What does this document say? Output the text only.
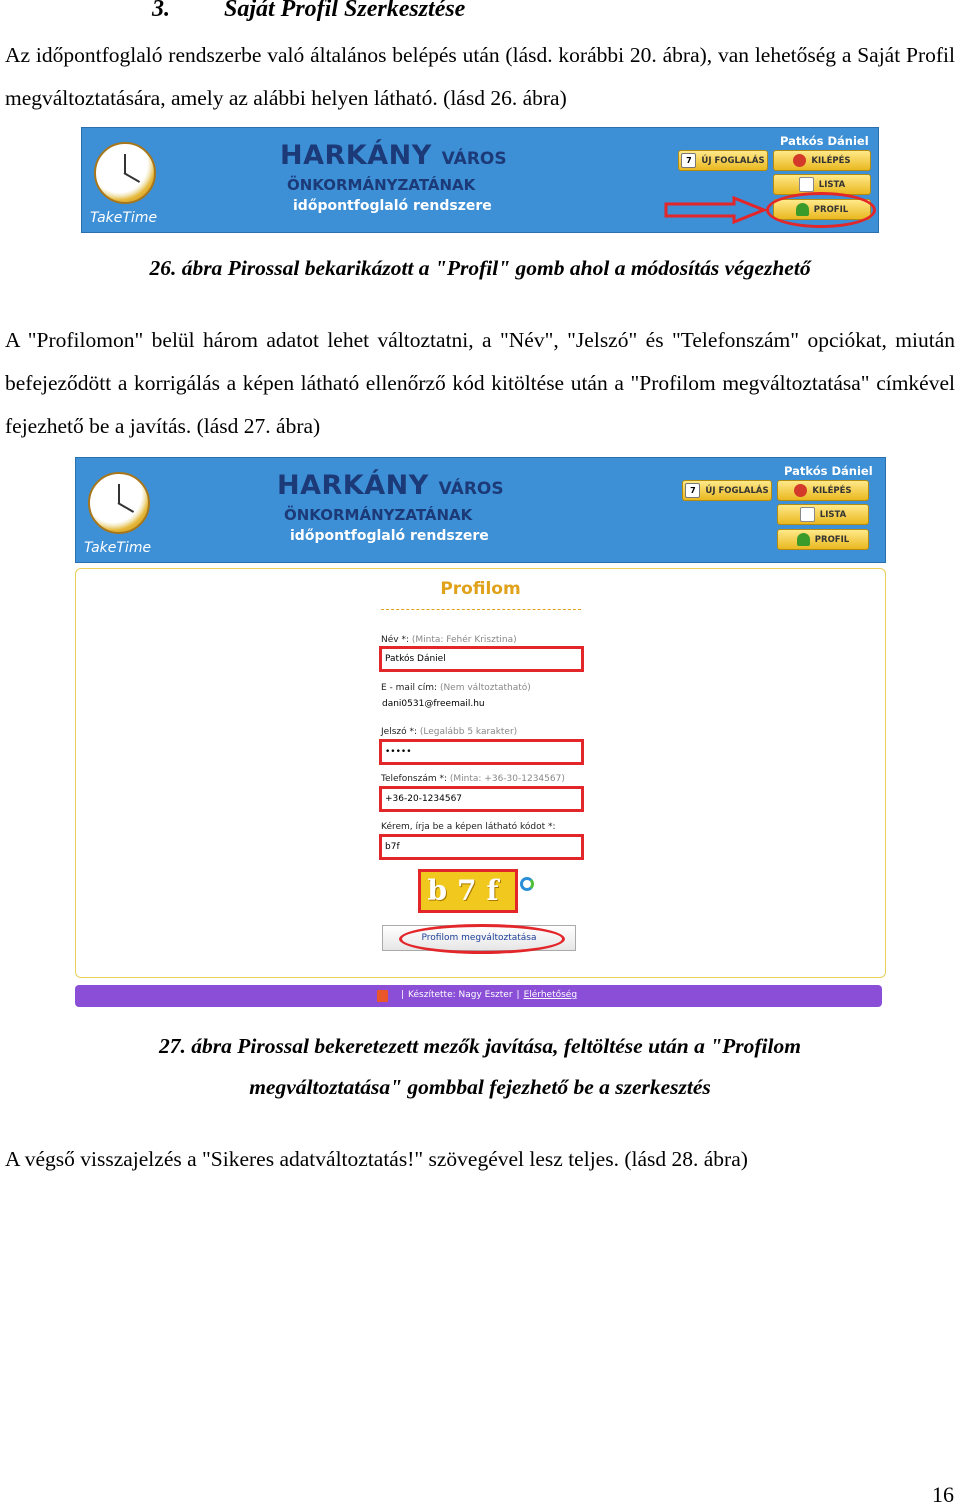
3. Saját Profil Szerkesztése
Az időpontfoglaló rendszerbe való általános belépés után (lásd. korábbi 20. ábra), van lehetőség a Saját Profil megváltoztatására, amely az alábbi helyen látható. (lásd 26. ábra)
TakeTime
HARKÁNY VÁROS
ÖNKORMÁNYZATÁNAK
időpontfoglaló rendszere
Patkós Dániel
7	ÚJ FOGLALÁS	KILÉPÉS
LISTA
PROFIL
26. ábra Pirossal bekarikázott a "Profil" gomb ahol a módosítás végezhető
A "Profilomon" belül három adatot lehet változtatni, a "Név", "Jelszó" és "Telefonszám" opciókat, miután befejeződött a korrigálás a képen látható ellenőrző kód kitöltése után a "Profilom megváltoztatása" címkével fejezhető be a javítás. (lásd 27. ábra)
TakeTime
HARKÁNY VÁROS
ÖNKORMÁNYZATÁNAK
időpontfoglaló rendszere
Patkós Dániel
7	ÚJ FOGLALÁS	KILÉPÉS
LISTA
PROFIL
Profilom
Név *: (Minta: Fehér Krisztina)
Patkós Dániel
E - mail cím: (Nem változtatható)
dani0531@freemail.hu
Jelszó *: (Legalább 5 karakter)
•••••
Telefonszám *: (Minta: +36-30-1234567)
+36-20-1234567
Kérem, írja be a képen látható kódot *:
b7f
b7f
Profilom megváltoztatása
| Készítette: Nagy Eszter | Elérhetőség
27. ábra Pirossal bekeretezett mezők javítása, feltöltése után a "Profilom
megváltoztatása" gombbal fejezhető be a szerkesztés
A végső visszajelzés a "Sikeres adatváltoztatás!" szövegével lesz teljes. (lásd 28. ábra)
16
